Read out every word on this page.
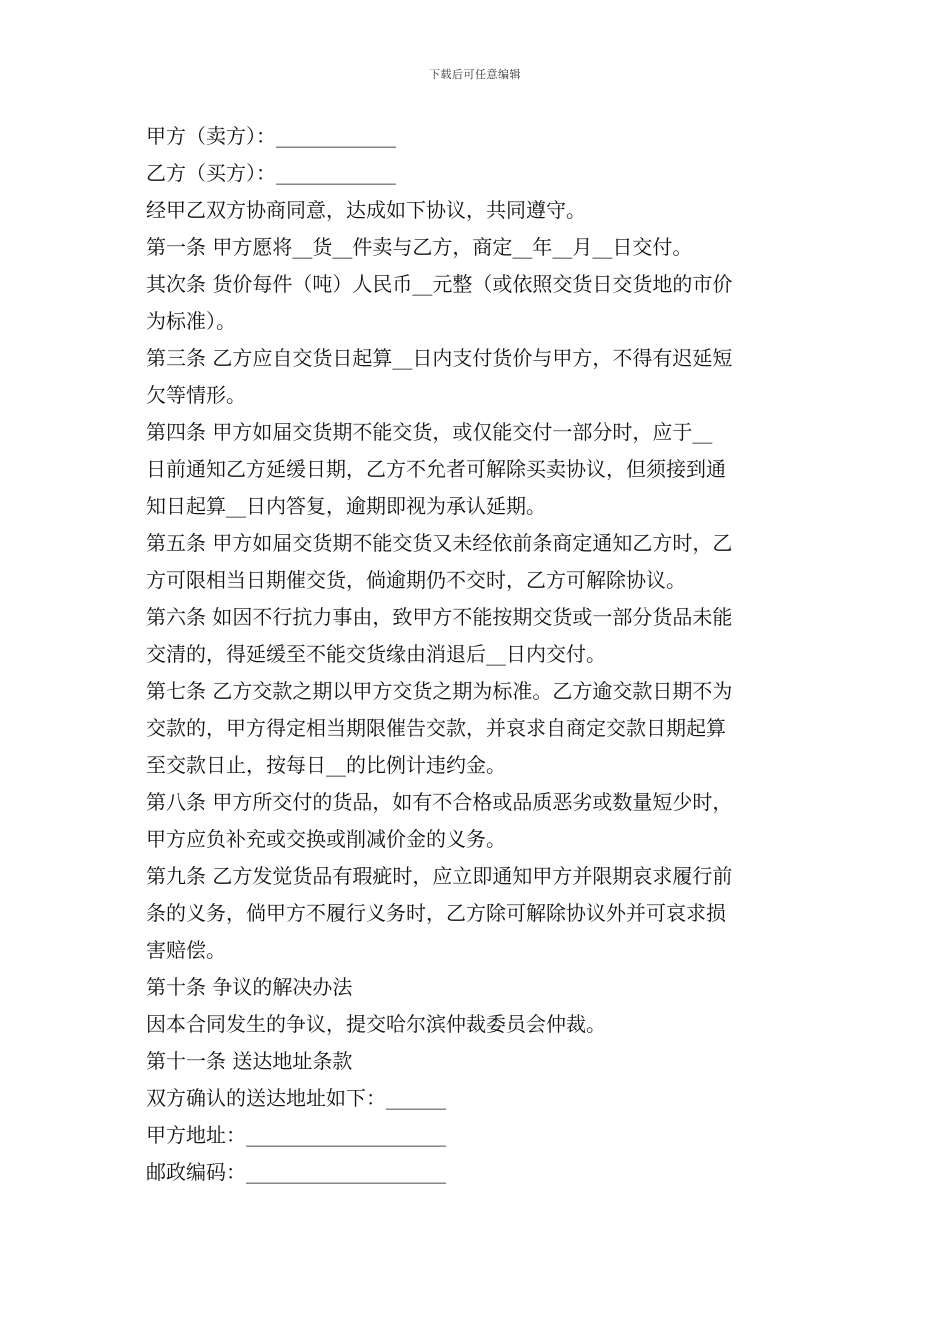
下载后可任意编辑
甲方（卖方）：____________
乙方（买方）：____________
经甲乙双方协商同意，达成如下协议，共同遵守。
第一条 甲方愿将__货__件卖与乙方，商定__年__月__日交付。
其次条 货价每件（吨）人民币__元整（或依照交货日交货地的市价
为标准）。
第三条 乙方应自交货日起算__日内支付货价与甲方，不得有迟延短
欠等情形。
第四条 甲方如届交货期不能交货，或仅能交付一部分时，应于__
日前通知乙方延缓日期，乙方不允者可解除买卖协议，但须接到通
知日起算__日内答复，逾期即视为承认延期。
第五条 甲方如届交货期不能交货又未经依前条商定通知乙方时，乙
方可限相当日期催交货，倘逾期仍不交时，乙方可解除协议。
第六条 如因不行抗力事由，致甲方不能按期交货或一部分货品未能
交清的，得延缓至不能交货缘由消退后__日内交付。
第七条 乙方交款之期以甲方交货之期为标准。乙方逾交款日期不为
交款的，甲方得定相当期限催告交款，并哀求自商定交款日期起算
至交款日止，按每日__的比例计违约金。
第八条 甲方所交付的货品，如有不合格或品质恶劣或数量短少时，
甲方应负补充或交换或削减价金的义务。
第九条 乙方发觉货品有瑕疵时，应立即通知甲方并限期哀求履行前
条的义务，倘甲方不履行义务时，乙方除可解除协议外并可哀求损
害赔偿。
第十条 争议的解决办法
因本合同发生的争议，提交哈尔滨仲裁委员会仲裁。
第十一条 送达地址条款
双方确认的送达地址如下：______
甲方地址：____________________
邮政编码：____________________
